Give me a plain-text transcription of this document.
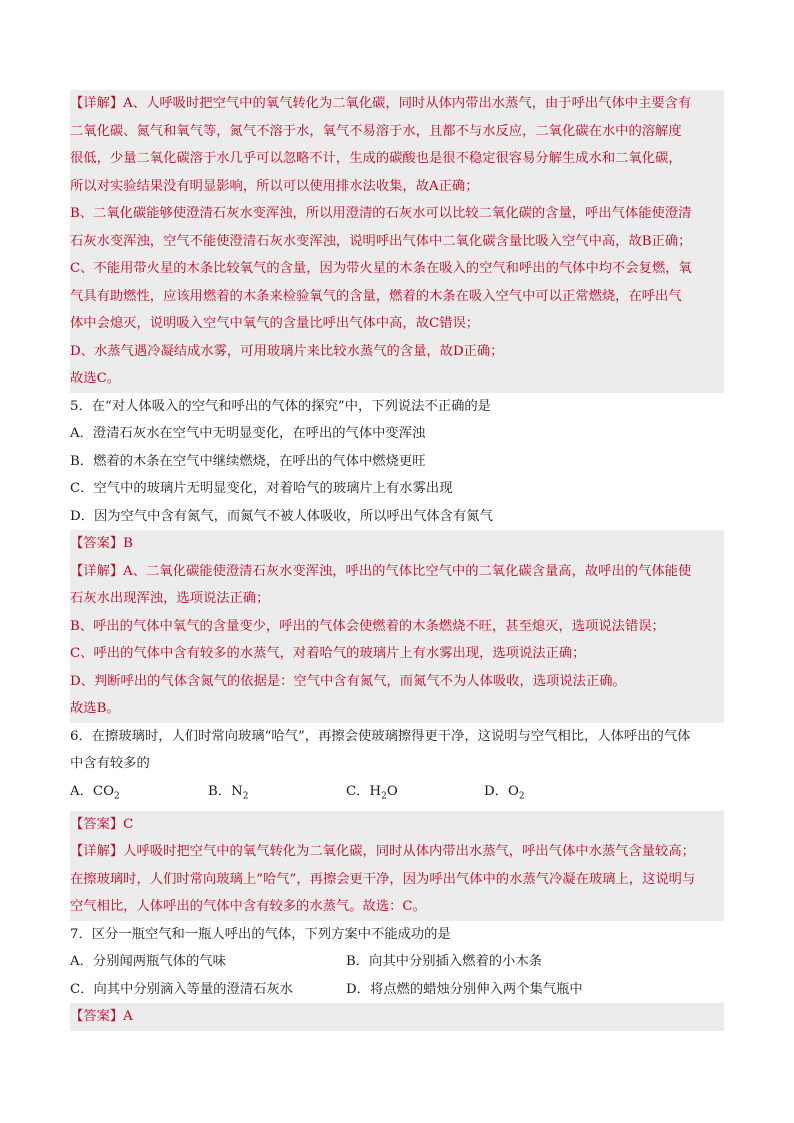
【详解】A、人呼吸时把空气中的氧气转化为二氧化碳，同时从体内带出水蒸气，由于呼出气体中主要含有
二氧化碳、氮气和氧气等，氮气不溶于水，氧气不易溶于水，且都不与水反应，二氧化碳在水中的溶解度
很低，少量二氧化碳溶于水几乎可以忽略不计，生成的碳酸也是很不稳定很容易分解生成水和二氧化碳，
所以对实验结果没有明显影响，所以可以使用排水法收集，故A正确；
B、二氧化碳能够使澄清石灰水变浑浊，所以用澄清的石灰水可以比较二氧化碳的含量，呼出气体能使澄清
石灰水变浑浊，空气不能使澄清石灰水变浑浊，说明呼出气体中二氧化碳含量比吸入空气中高，故B正确；
C、不能用带火星的木条比较氧气的含量，因为带火星的木条在吸入的空气和呼出的气体中均不会复燃，氧
气具有助燃性，应该用燃着的木条来检验氧气的含量，燃着的木条在吸入空气中可以正常燃烧，在呼出气
体中会熄灭，说明吸入空气中氧气的含量比呼出气体中高，故C错误；
D、水蒸气遇冷凝结成水雾，可用玻璃片来比较水蒸气的含量，故D正确；
故选C。
5．在“对人体吸入的空气和呼出的气体的探究”中，下列说法不正确的是
A．澄清石灰水在空气中无明显变化，在呼出的气体中变浑浊
B．燃着的木条在空气中继续燃烧，在呼出的气体中燃烧更旺
C．空气中的玻璃片无明显变化，对着哈气的玻璃片上有水雾出现
D．因为空气中含有氮气，而氮气不被人体吸收，所以呼出气体含有氮气
【答案】B
【详解】A、二氧化碳能使澄清石灰水变浑浊，呼出的气体比空气中的二氧化碳含量高，故呼出的气体能使
石灰水出现浑浊，选项说法正确；
B、呼出的气体中氧气的含量变少，呼出的气体会使燃着的木条燃烧不旺，甚至熄灭，选项说法错误；
C、呼出的气体中含有较多的水蒸气，对着哈气的玻璃片上有水雾出现，选项说法正确；
D、判断呼出的气体含氮气的依据是：空气中含有氮气，而氮气不为人体吸收，选项说法正确。
故选B。
6．在擦玻璃时，人们时常向玻璃“哈气”，再擦会使玻璃擦得更干净，这说明与空气相比，人体呼出的气体
中含有较多的
A．$CO_2$	B．$N_2$	C．$H_2O$	D．$O_2$
【答案】C
【详解】人呼吸时把空气中的氧气转化为二氧化碳，同时从体内带出水蒸气，呼出气体中水蒸气含量较高；
在擦玻璃时，人们时常向玻璃上“哈气”，再擦会更干净，因为呼出气体中的水蒸气冷凝在玻璃上，这说明与
空气相比，人体呼出的气体中含有较多的水蒸气。故选：C。
7．区分一瓶空气和一瓶人呼出的气体，下列方案中不能成功的是
A．分别闻两瓶气体的气味	B．向其中分别插入燃着的小木条
C．向其中分别滴入等量的澄清石灰水	D．将点燃的蜡烛分别伸入两个集气瓶中
【答案】A
